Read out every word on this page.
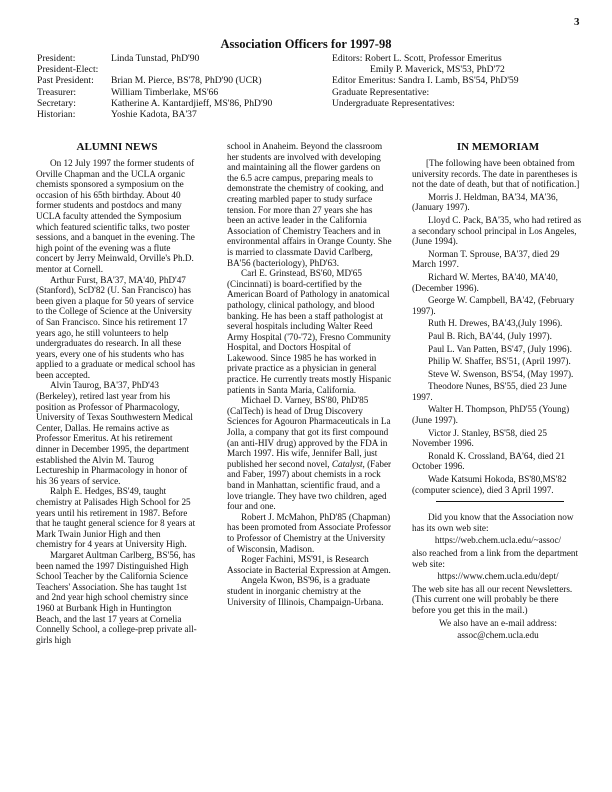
3
Association Officers for 1997-98
President:	Linda Tunstad, PhD'90
President-Elect:
Past President:	Brian M. Pierce, BS'78, PhD'90 (UCR)
Treasurer:	William Timberlake, MS'66
Secretary:	Katherine A. Kantardjieff, MS'86, PhD'90
Historian:	Yoshie Kadota, BA'37
Editors: Robert L. Scott, Professor Emeritus
Emily P. Maverick, MS'53, PhD'72
Editor Emeritus: Sandra I. Lamb, BS'54, PhD'59
Graduate Representative:
Undergraduate Representatives:
ALUMNI NEWS

On 12 July 1997 the former students of Orville Chapman and the UCLA organic chemists sponsored a symposium on the occasion of his 65th birthday. About 40 former students and postdocs and many UCLA faculty attended the Symposium which featured scientific talks, two poster sessions, and a banquet in the evening. The high point of the evening was a flute concert by Jerry Meinwald, Orville's Ph.D. mentor at Cornell.

Arthur Furst, BA'37, MA'40, PhD'47 (Stanford), ScD'82 (U. San Francisco) has been given a plaque for 50 years of service to the College of Science at the University of San Francisco. Since his retirement 17 years ago, he still volunteers to help undergraduates do research. In all these years, every one of his students who has applied to a graduate or medical school has been accepted.

Alvin Taurog, BA'37, PhD'43 (Berkeley), retired last year from his position as Professor of Pharmacology, University of Texas Southwestern Medical Center, Dallas. He remains active as Professor Emeritus. At his retirement dinner in December 1995, the department established the Alvin M. Taurog Lectureship in Pharmacology in honor of his 36 years of service.

Ralph E. Hedges, BS'49, taught chemistry at Palisades High School for 25 years until his retirement in 1987. Before that he taught general science for 8 years at Mark Twain Junior High and then chemistry for 4 years at University High.

Margaret Aultman Carlberg, BS'56, has been named the 1997 Distinguished High School Teacher by the California Science Teachers' Association. She has taught 1st and 2nd year high school chemistry since 1960 at Burbank High in Huntington Beach, and the last 17 years at Cornelia Connelly School, a college-prep private all-girls high

school in Anaheim. Beyond the classroom her students are involved with developing and maintaining all the flower gardens on the 6.5 acre campus, preparing meals to demonstrate the chemistry of cooking, and creating marbled paper to study surface tension. For more than 27 years she has been an active leader in the California Association of Chemistry Teachers and in environmental affairs in Orange County. She is married to classmate David Carlberg, BA'56 (bacteriology), PhD'63.

Carl E. Grinstead, BS'60, MD'65 (Cincinnati) is board-certified by the American Board of Pathology in anatomical pathology, clinical pathology, and blood banking. He has been a staff pathologist at several hospitals including Walter Reed Army Hospital ('70-'72), Fresno Community Hospital, and Doctors Hospital of Lakewood. Since 1985 he has worked in private practice as a physician in general practice. He currently treats mostly Hispanic patients in Santa Maria, California.

Michael D. Varney, BS'80, PhD'85 (CalTech) is head of Drug Discovery Sciences for Agouron Pharmaceuticals in La Jolla, a company that got its first compound (an anti-HIV drug) approved by the FDA in March 1997. His wife, Jennifer Ball, just published her second novel, Catalyst, (Faber and Faber, 1997) about chemists in a rock band in Manhattan, scientific fraud, and a love triangle. They have two children, aged four and one.

Robert J. McMahon, PhD'85 (Chapman) has been promoted from Associate Professor to Professor of Chemistry at the University of Wisconsin, Madison.

Roger Fachini, MS'91, is Research Associate in Bacterial Expression at Amgen.

Angela Kwon, BS'96, is a graduate student in inorganic chemistry at the University of Illinois, Champaign-Urbana.

IN MEMORIAM

[The following have been obtained from university records. The date in parentheses is not the date of death, but that of notification.]

Morris J. Heldman, BA'34, MA'36, (January 1997).

Lloyd C. Pack, BA'35, who had retired as a secondary school principal in Los Angeles, (June 1994).

Norman T. Sprouse, BA'37, died 29 March 1997.

Richard W. Mertes, BA'40, MA'40, (December 1996).

George W. Campbell, BA'42, (February 1997).

Ruth H. Drewes, BA'43,(July 1996).

Paul B. Rich, BA'44, (July 1997).

Paul L. Van Patten, BS'47, (July 1996).

Philip W. Shaffer, BS'51, (April 1997).

Steve W. Swenson, BS'54, (May 1997).

Theodore Nunes, BS'55, died 23 June 1997.

Walter H. Thompson, PhD'55 (Young) (June 1997).

Victor J. Stanley, BS'58, died 25 November 1996.

Ronald K. Crossland, BA'64, died 21 October 1996.

Wade Katsumi Hokoda, BS'80,MS'82 (computer science), died 3 April 1997.

Did you know that the Association now has its own web site:

https://web.chem.ucla.edu/~assoc/

also reached from a link from the department web site:

https://www.chem.ucla.edu/dept/

The web site has all our recent Newsletters. (This current one will probably be there before you get this in the mail.)

We also have an e-mail address:

assoc@chem.ucla.edu
